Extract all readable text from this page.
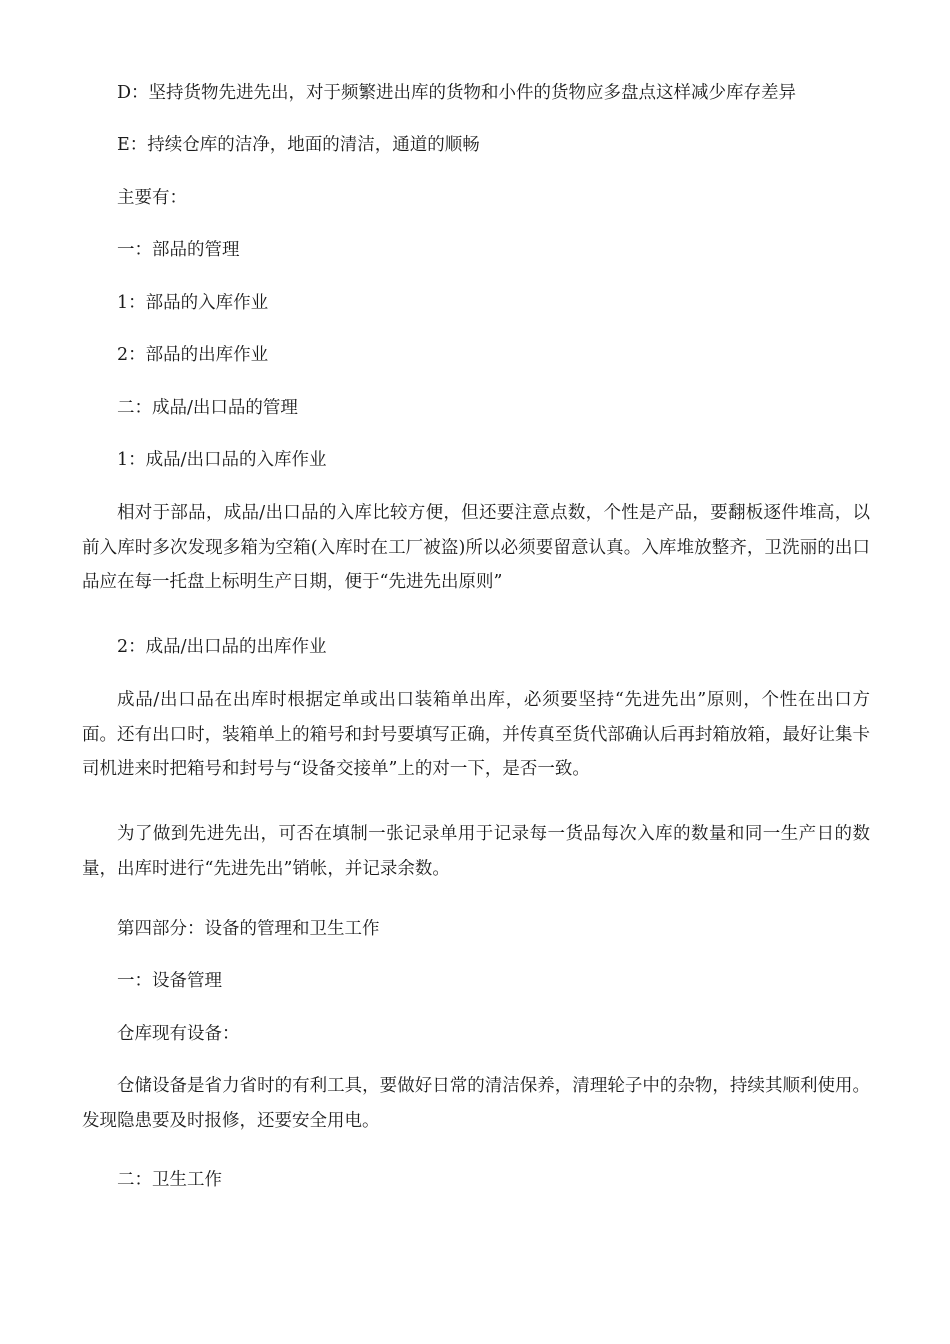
D：坚持货物先进先出，对于频繁进出库的货物和小件的货物应多盘点这样减少库存差异

E：持续仓库的洁净，地面的清洁，通道的顺畅

主要有：

一：部品的管理

1：部品的入库作业

2：部品的出库作业

二：成品/出口品的管理

1：成品/出口品的入库作业

相对于部品，成品/出口品的入库比较方便，但还要注意点数，个性是产品，要翻板逐件堆高，以前入库时多次发现多箱为空箱(入库时在工厂被盗)所以必须要留意认真。入库堆放整齐，卫洗丽的出口品应在每一托盘上标明生产日期，便于“先进先出原则”

2：成品/出口品的出库作业

成品/出口品在出库时根据定单或出口装箱单出库，必须要坚持“先进先出”原则，个性在出口方面。还有出口时，装箱单上的箱号和封号要填写正确，并传真至货代部确认后再封箱放箱，最好让集卡司机进来时把箱号和封号与“设备交接单”上的对一下，是否一致。

为了做到先进先出，可否在填制一张记录单用于记录每一货品每次入库的数量和同一生产日的数量，出库时进行“先进先出”销帐，并记录余数。

第四部分：设备的管理和卫生工作

一：设备管理

仓库现有设备：

仓储设备是省力省时的有利工具，要做好日常的清洁保养，清理轮子中的杂物，持续其顺利使用。发现隐患要及时报修，还要安全用电。

二：卫生工作
